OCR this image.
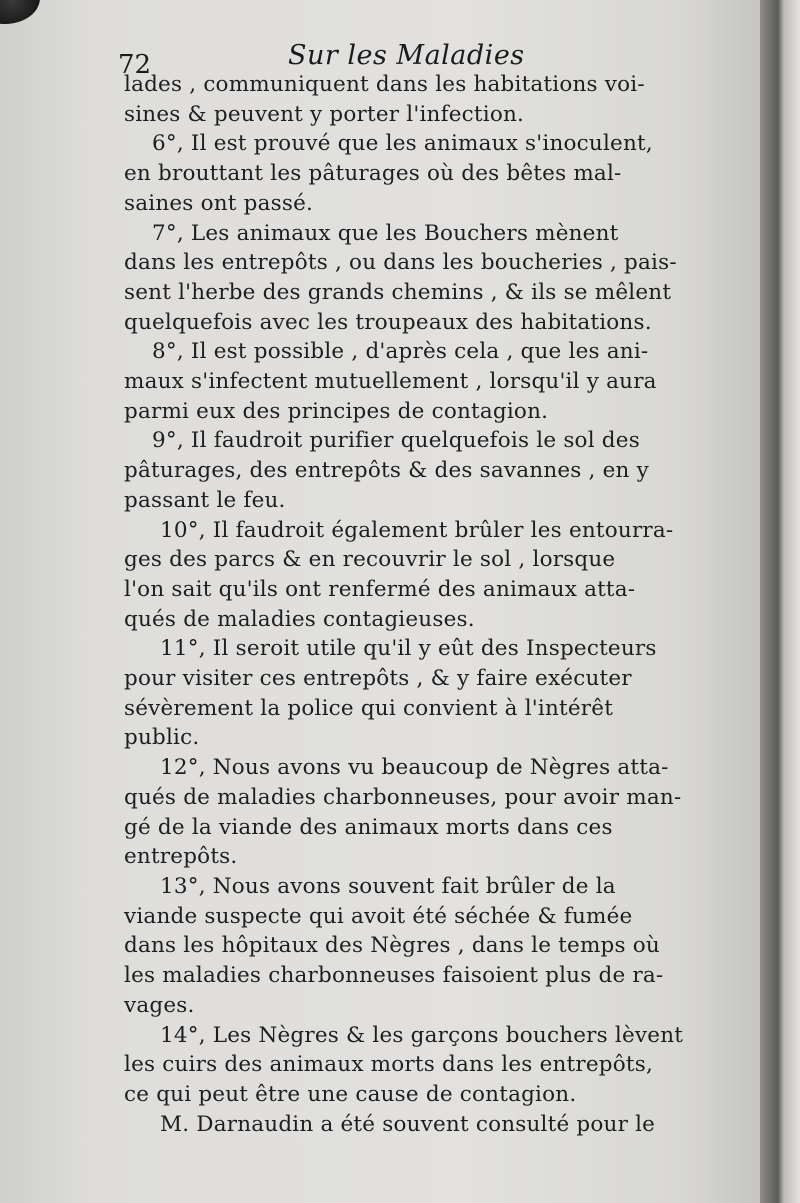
72	Sur les Maladies
lades , communiquent dans les habitations voi-
sines & peuvent y porter l'infection.
6°, Il est prouvé que les animaux s'inoculent,
en brouttant les pâturages où des bêtes mal-
saines ont passé.
7°, Les animaux que les Bouchers mènent
dans les entrepôts , ou dans les boucheries , pais-
sent l'herbe des grands chemins , & ils se mêlent
quelquefois avec les troupeaux des habitations.
8°, Il est possible , d'après cela , que les ani-
maux s'infectent mutuellement , lorsqu'il y aura
parmi eux des principes de contagion.
9°, Il faudroit purifier quelquefois le sol des
pâturages, des entrepôts & des savannes , en y
passant le feu.
10°, Il faudroit également brûler les entourra-
ges des parcs & en recouvrir le sol , lorsque
l'on sait qu'ils ont renfermé des animaux atta-
qués de maladies contagieuses.
11°, Il seroit utile qu'il y eût des Inspecteurs
pour visiter ces entrepôts , & y faire exécuter
sévèrement la police qui convient à l'intérêt
public.
12°, Nous avons vu beaucoup de Nègres atta-
qués de maladies charbonneuses, pour avoir man-
gé de la viande des animaux morts dans ces
entrepôts.
13°, Nous avons souvent fait brûler de la
viande suspecte qui avoit été séchée & fumée
dans les hôpitaux des Nègres , dans le temps où
les maladies charbonneuses faisoient plus de ra-
vages.
14°, Les Nègres & les garçons bouchers lèvent
les cuirs des animaux morts dans les entrepôts,
ce qui peut être une cause de contagion.
M. Darnaudin a été souvent consulté pour le
